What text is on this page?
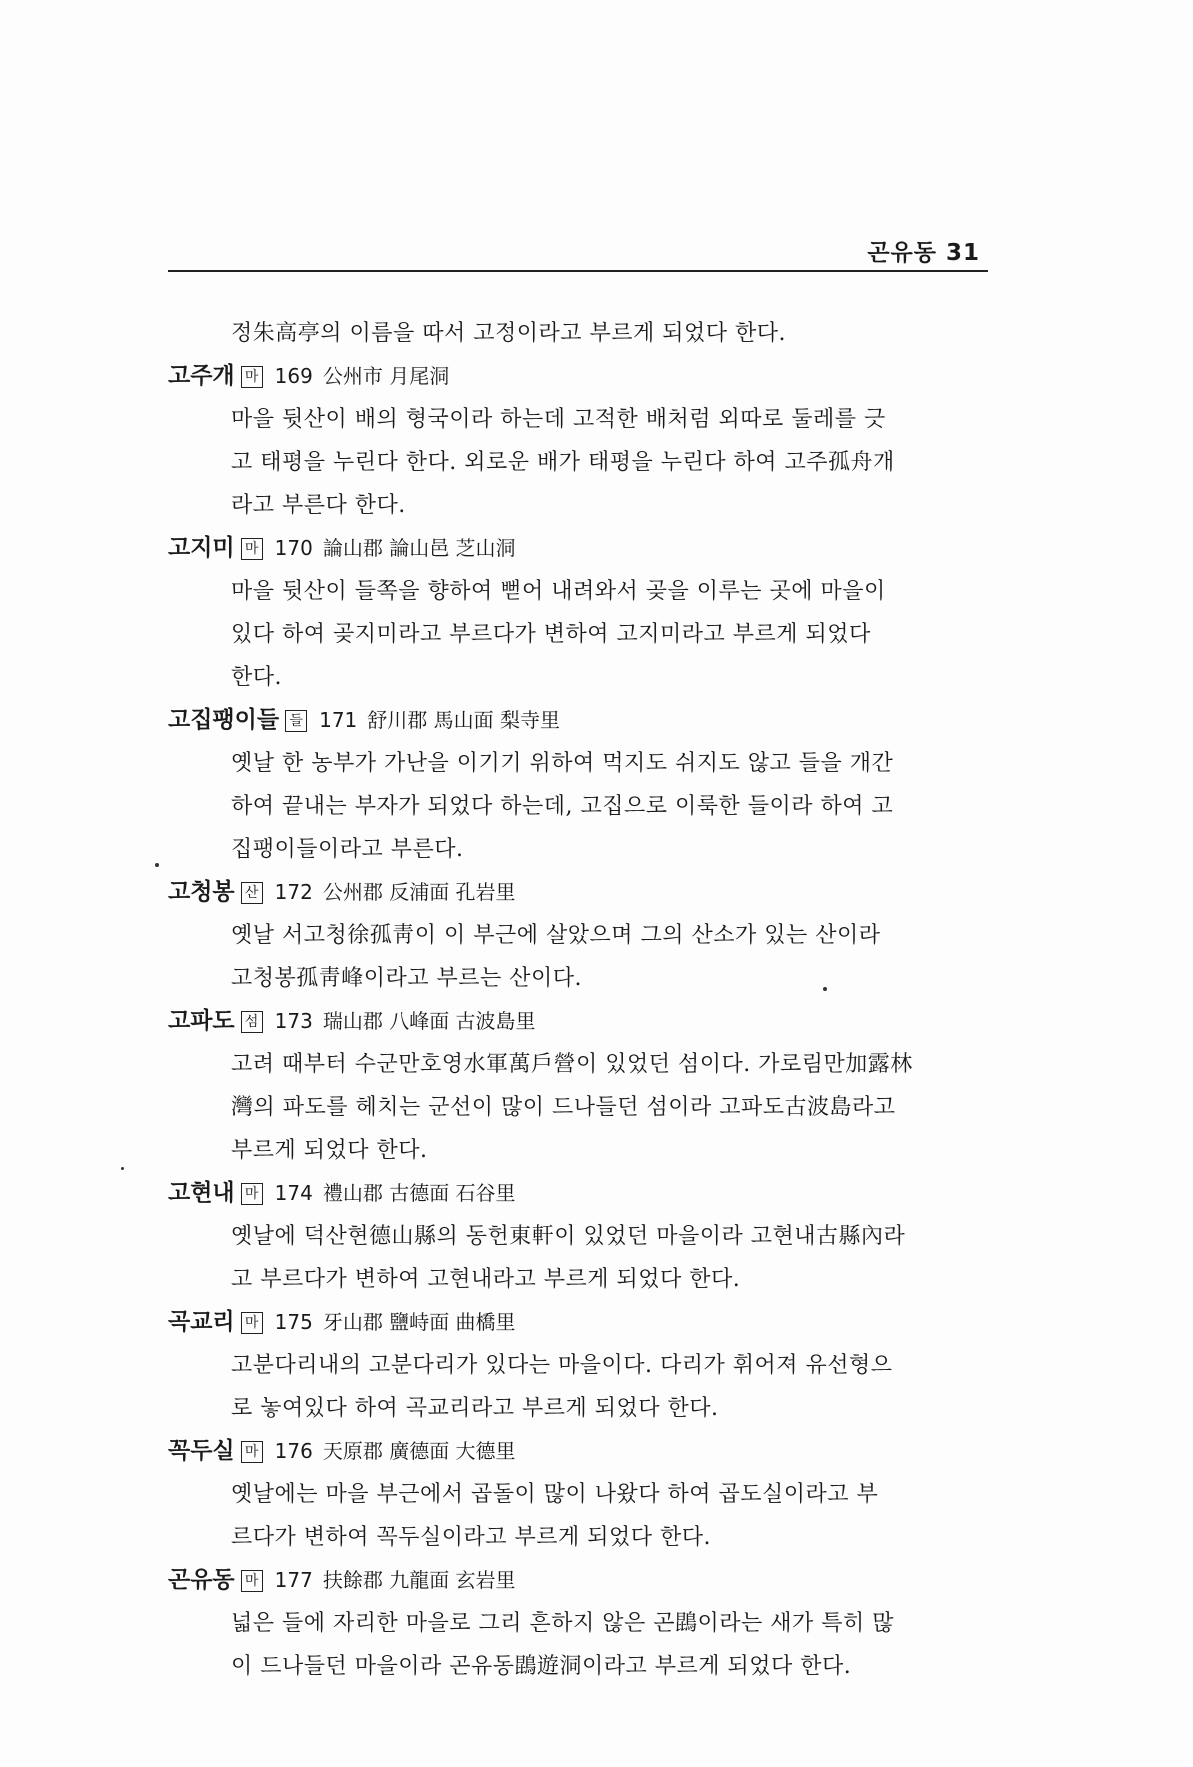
곤유동 31
정朱高亭의 이름을 따서 고정이라고 부르게 되었다 한다.
고주개 마 169 公州市 月尾洞
마을 뒷산이 배의 형국이라 하는데 고적한 배처럼 외따로 둘레를 긋
고 태평을 누린다 한다. 외로운 배가 태평을 누린다 하여 고주孤舟개
라고 부른다 한다.
고지미 마 170 論山郡 論山邑 芝山洞
마을 뒷산이 들쪽을 향하여 뻗어 내려와서 곶을 이루는 곳에 마을이
있다 하여 곶지미라고 부르다가 변하여 고지미라고 부르게 되었다
한다.
고집팽이들 들 171 舒川郡 馬山面 梨寺里
옛날 한 농부가 가난을 이기기 위하여 먹지도 쉬지도 않고 들을 개간
하여 끝내는 부자가 되었다 하는데, 고집으로 이룩한 들이라 하여 고
집팽이들이라고 부른다.
고청봉 산 172 公州郡 反浦面 孔岩里
옛날 서고청徐孤靑이 이 부근에 살았으며 그의 산소가 있는 산이라
고청봉孤靑峰이라고 부르는 산이다.
고파도 섬 173 瑞山郡 八峰面 古波島里
고려 때부터 수군만호영水軍萬戶營이 있었던 섬이다. 가로림만加露林
灣의 파도를 헤치는 군선이 많이 드나들던 섬이라 고파도古波島라고
부르게 되었다 한다.
고현내 마 174 禮山郡 古德面 石谷里
옛날에 덕산현德山縣의 동헌東軒이 있었던 마을이라 고현내古縣內라
고 부르다가 변하여 고현내라고 부르게 되었다 한다.
곡교리 마 175 牙山郡 鹽峙面 曲橋里
고분다리내의 고분다리가 있다는 마을이다. 다리가 휘어져 유선형으
로 놓여있다 하여 곡교리라고 부르게 되었다 한다.
꼭두실 마 176 天原郡 廣德面 大德里
옛날에는 마을 부근에서 곱돌이 많이 나왔다 하여 곱도실이라고 부
르다가 변하여 꼭두실이라고 부르게 되었다 한다.
곤유동 마 177 扶餘郡 九龍面 玄岩里
넓은 들에 자리한 마을로 그리 흔하지 않은 곤鵾이라는 새가 특히 많
이 드나들던 마을이라 곤유동鵾遊洞이라고 부르게 되었다 한다.
